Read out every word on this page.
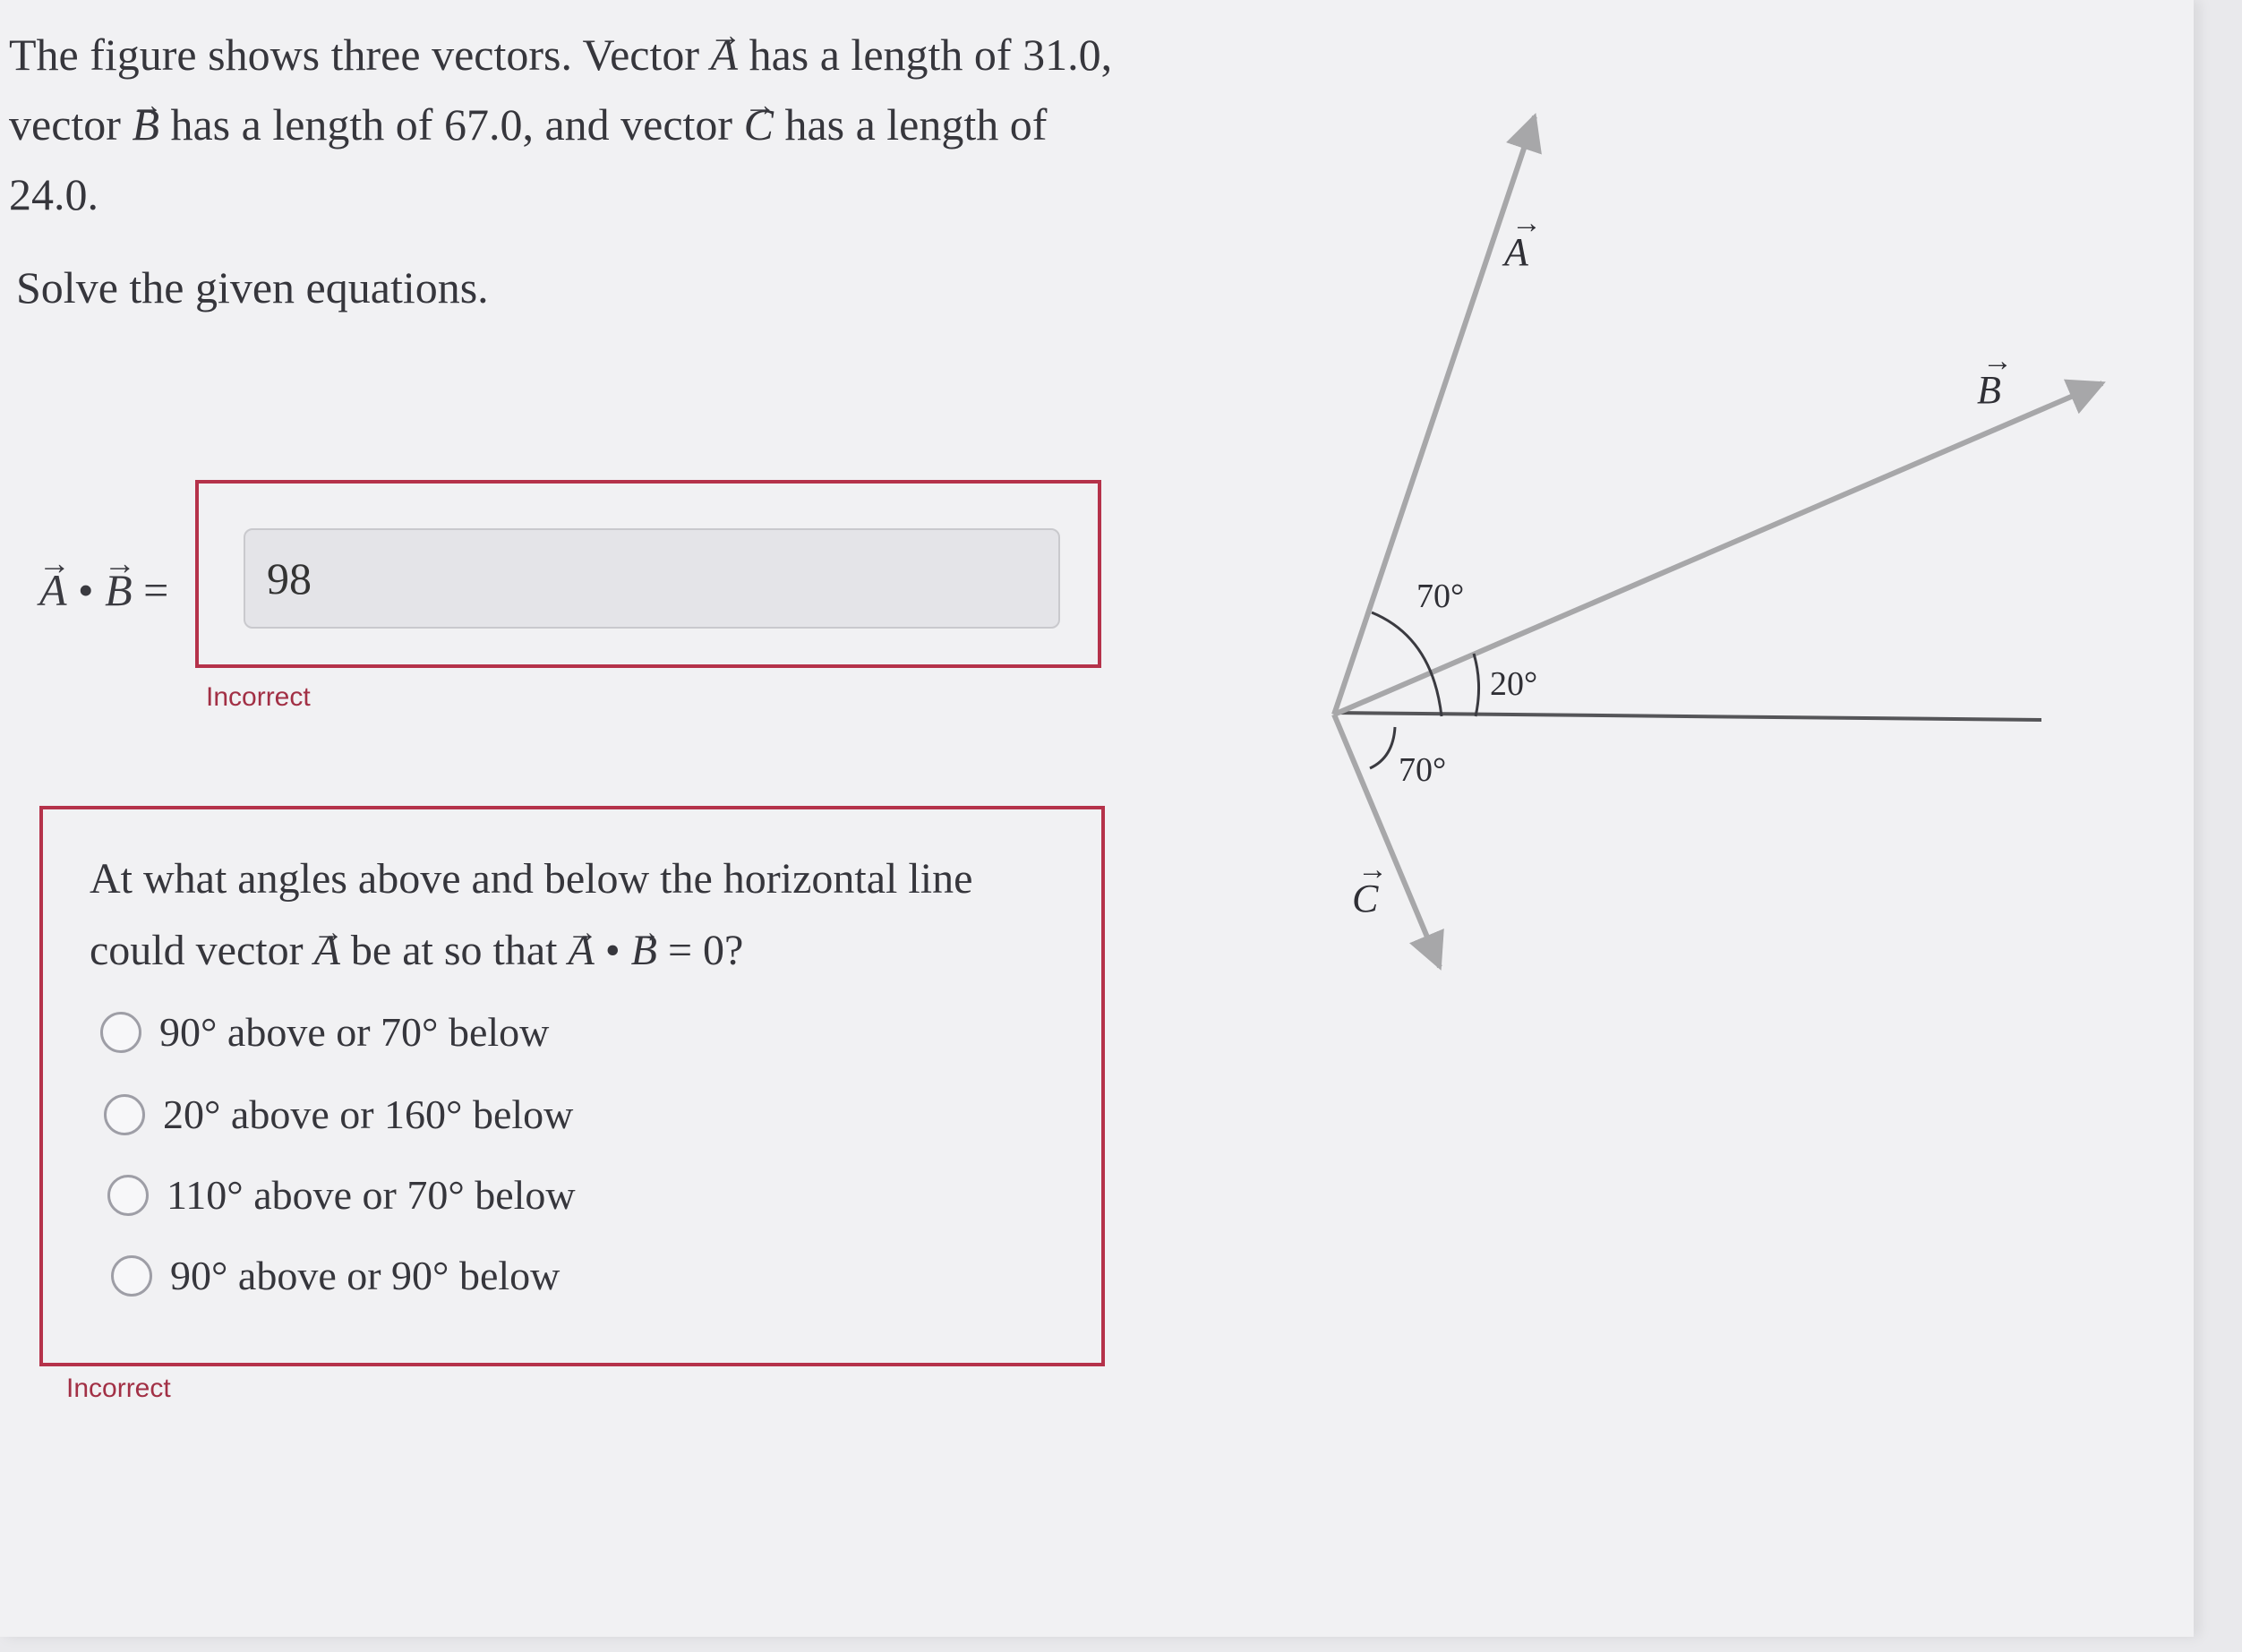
The figure shows three vectors. Vector → A has a length of 31.0, vector → B has a length of 67.0, and vector → C has a length of 24.0.
Solve the given equations.
→ A • → B =
98
Incorrect
At what angles above and below the horizontal line could vector → A be at so that → A • → B = 0?
90° above or 70° below
20° above or 160° below
110° above or 70° below
90° above or 90° below
Incorrect
A
→
B
→
C
→
70°
20°
70°
